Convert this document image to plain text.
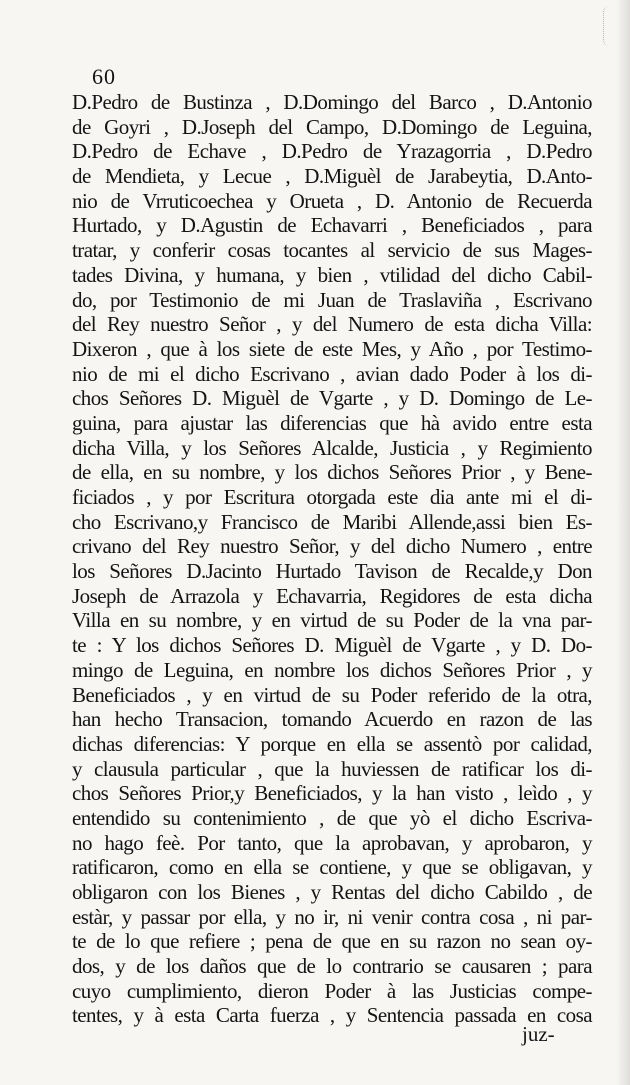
60
D.Pedro de Bustinza , D.Domingo del Barco , D.Antonio
de Goyri , D.Joseph del Campo, D.Domingo de Leguina,
D.Pedro de Echave , D.Pedro de Yrazagorria , D.Pedro
de Mendieta, y Lecue , D.Miguèl de Jarabeytia, D.Anto-
nio de Vrruticoechea y Orueta , D. Antonio de Recuerda
Hurtado, y D.Agustin de Echavarri , Beneficiados , para
tratar, y conferir cosas tocantes al servicio de sus Mages-
tades Divina, y humana, y bien , vtilidad del dicho Cabil-
do, por Testimonio de mi Juan de Traslaviña , Escrivano
del Rey nuestro Señor , y del Numero de esta dicha Villa:
Dixeron , que à los siete de este Mes, y Año , por Testimo-
nio de mi el dicho Escrivano , avian dado Poder à los di-
chos Señores D. Miguèl de Vgarte , y D. Domingo de Le-
guina, para ajustar las diferencias que hà avido entre esta
dicha Villa, y los Señores Alcalde, Justicia , y Regimiento
de ella, en su nombre, y los dichos Señores Prior , y Bene-
ficiados , y por Escritura otorgada este dia ante mi el di-
cho Escrivano,y Francisco de Maribi Allende,assi bien Es-
crivano del Rey nuestro Señor, y del dicho Numero , entre
los Señores D.Jacinto Hurtado Tavison de Recalde,y Don
Joseph de Arrazola y Echavarria, Regidores de esta dicha
Villa en su nombre, y en virtud de su Poder de la vna par-
te : Y los dichos Señores D. Miguèl de Vgarte , y D. Do-
mingo de Leguina, en nombre los dichos Señores Prior , y
Beneficiados , y en virtud de su Poder referido de la otra,
han hecho Transacion, tomando Acuerdo en razon de las
dichas diferencias: Y porque en ella se assentò por calidad,
y clausula particular , que la huviessen de ratificar los di-
chos Señores Prior,y Beneficiados, y la han visto , leìdo , y
entendido su contenimiento , de que yò el dicho Escriva-
no hago feè. Por tanto, que la aprobavan, y aprobaron, y
ratificaron, como en ella se contiene, y que se obligavan, y
obligaron con los Bienes , y Rentas del dicho Cabildo , de
estàr, y passar por ella, y no ir, ni venir contra cosa , ni par-
te de lo que refiere ; pena de que en su razon no sean oy-
dos, y de los daños que de lo contrario se causaren ; para
cuyo cumplimiento, dieron Poder à las Justicias compe-
tentes, y à esta Carta fuerza , y Sentencia passada en cosa
juz-
